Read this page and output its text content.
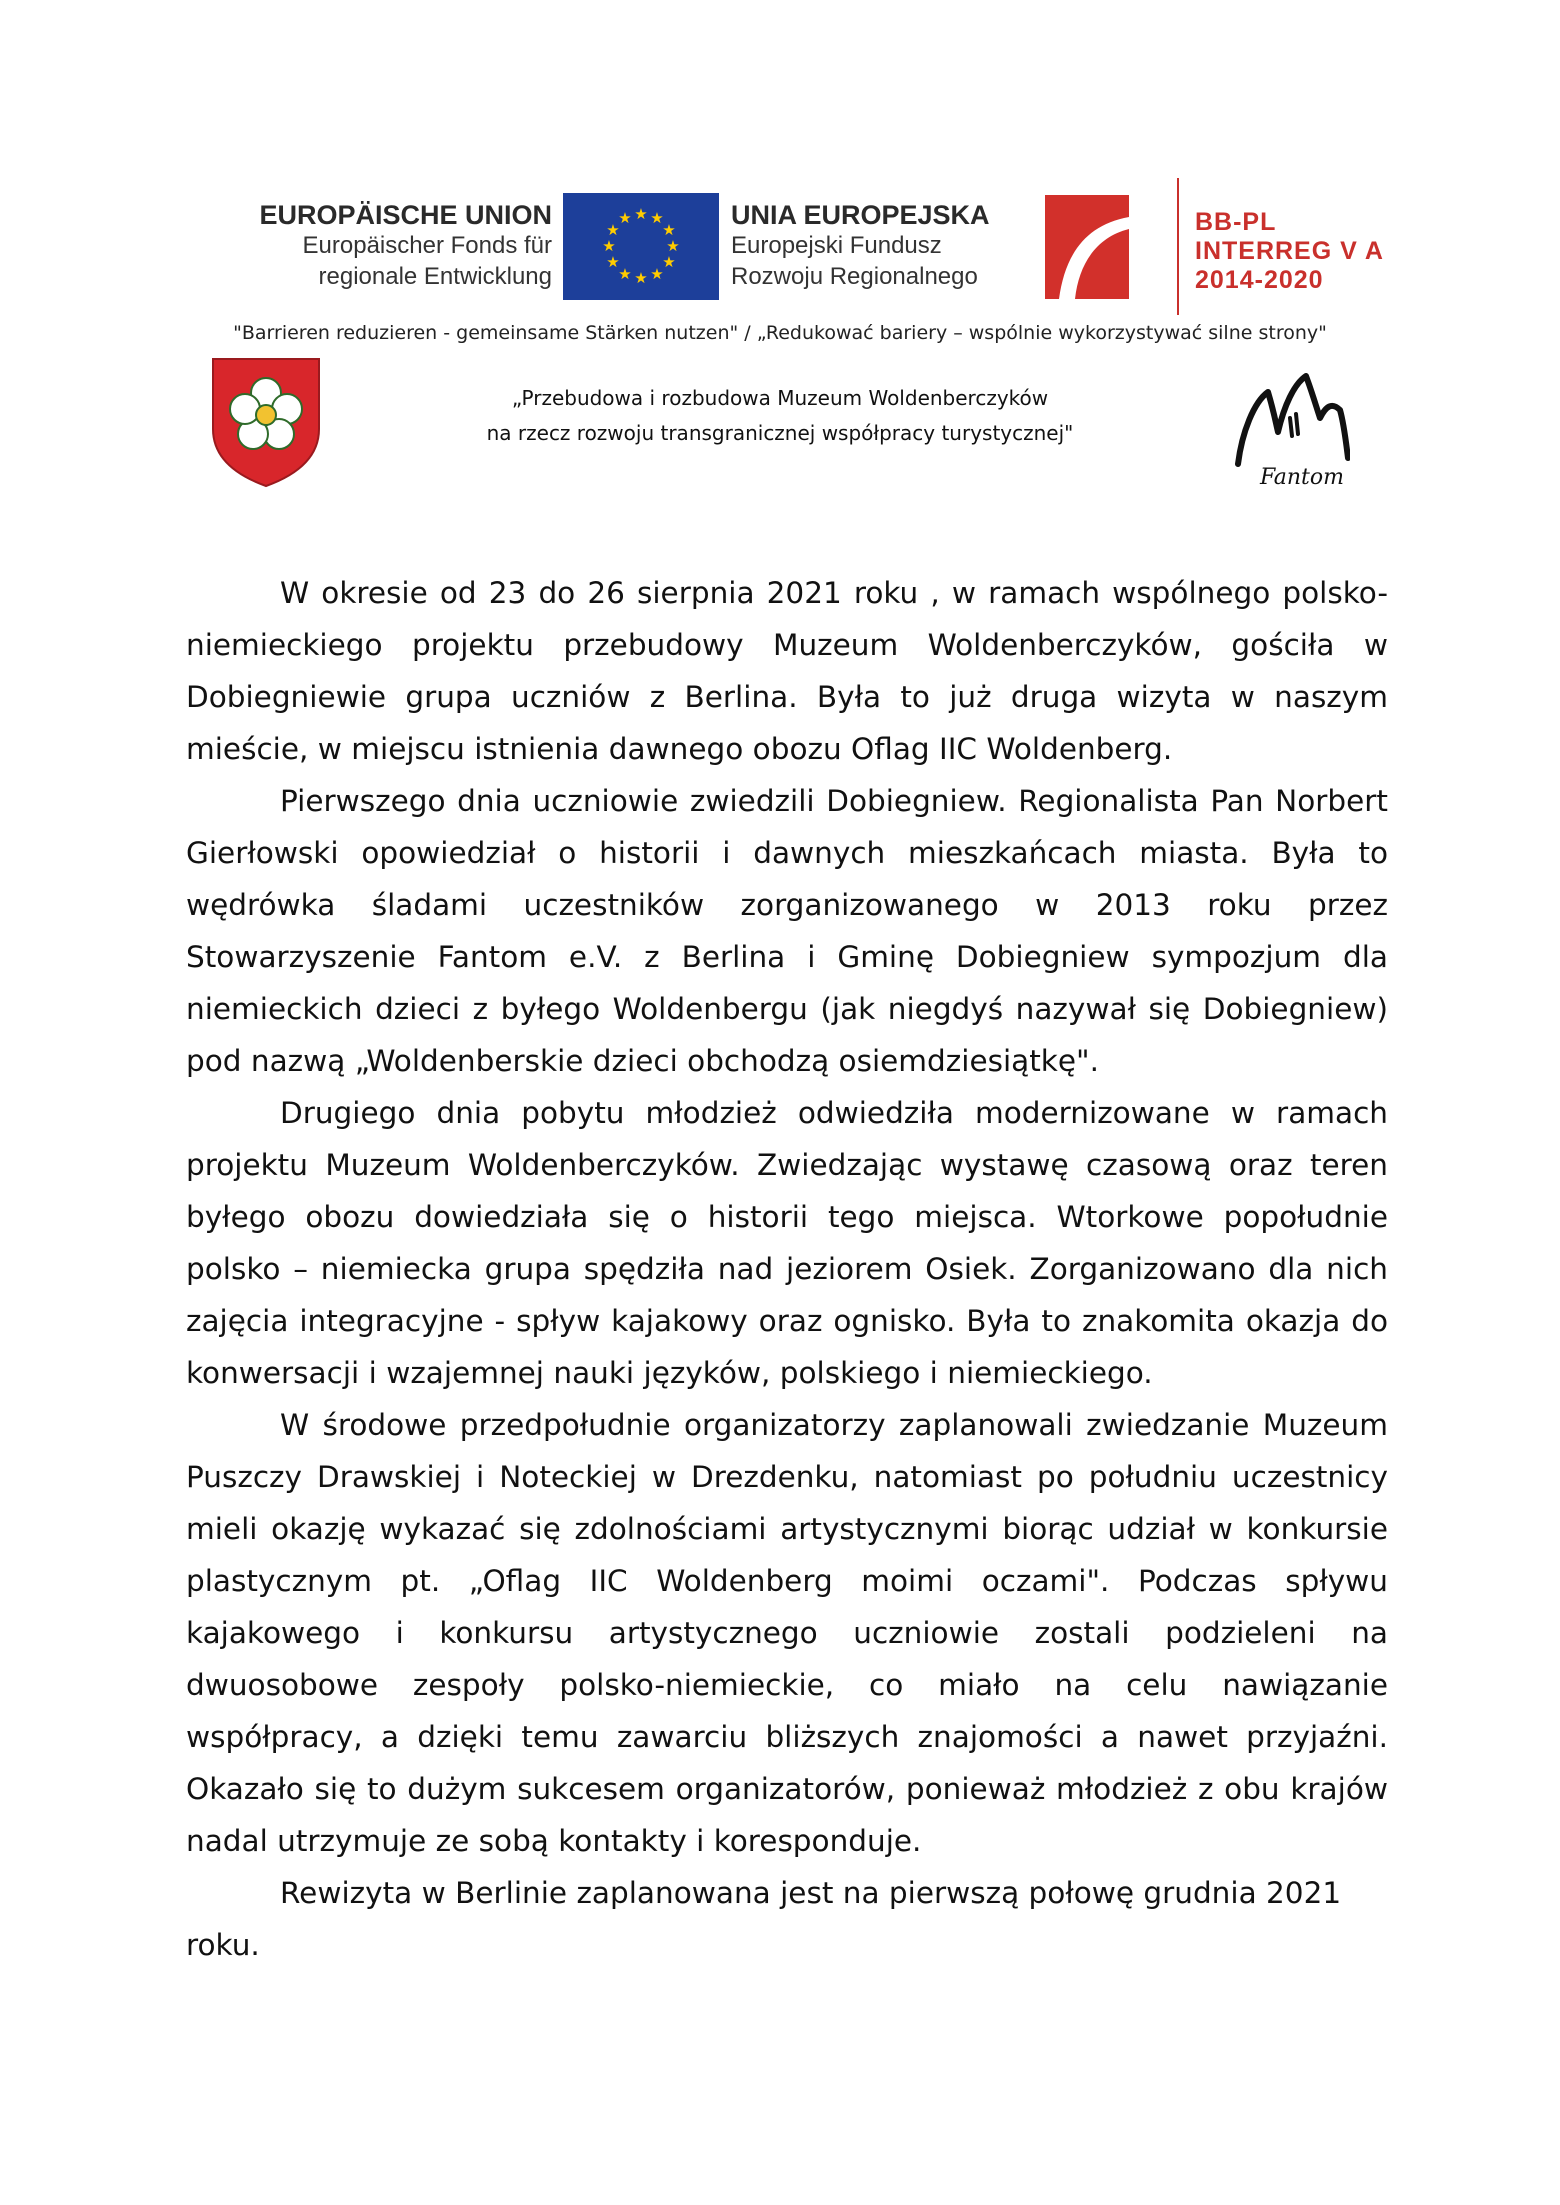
EUROPÄISCHE UNION
Europäischer Fonds für
regionale Entwicklung
★ ★
★
★
★
★
★
★
★
★
★
★	UNIA EUROPEJSKA
Europejski Fundusz
Rozwoju Regionalnego
BB-PL
INTERREG V A
2014-2020
"Barrieren reduzieren - gemeinsame Stärken nutzen" / „Redukować bariery – wspólnie wykorzystywać silne strony"
„Przebudowa i rozbudowa Muzeum Woldenberczyków
na rzecz rozwoju transgranicznej współpracy turystycznej"
Fantom

W okresie od 23 do 26 sierpnia 2021 roku , w ramach wspólnego polsko-niemieckiego projektu przebudowy Muzeum Woldenberczyków, gościła w Dobiegniewie grupa uczniów z Berlina. Była to już druga wizyta w naszym mieście, w miejscu istnienia dawnego obozu Oflag IIC Woldenberg.

Pierwszego dnia uczniowie zwiedzili Dobiegniew. Regionalista Pan Norbert Gierłowski opowiedział o historii i dawnych mieszkańcach miasta. Była to wędrówka śladami uczestników zorganizowanego w 2013 roku przez Stowarzyszenie Fantom e.V. z Berlina i Gminę Dobiegniew sympozjum dla niemieckich dzieci z byłego Woldenbergu (jak niegdyś nazywał się Dobiegniew) pod nazwą „Woldenberskie dzieci obchodzą osiemdziesiątkę".

Drugiego dnia pobytu młodzież odwiedziła modernizowane w ramach projektu Muzeum Woldenberczyków. Zwiedzając wystawę czasową oraz teren byłego obozu dowiedziała się o historii tego miejsca. Wtorkowe popołudnie polsko – niemiecka grupa spędziła nad jeziorem Osiek. Zorganizowano dla nich zajęcia integracyjne - spływ kajakowy oraz ognisko. Była to znakomita okazja do konwersacji i wzajemnej nauki języków, polskiego i niemieckiego.

W środowe przedpołudnie organizatorzy zaplanowali zwiedzanie Muzeum Puszczy Drawskiej i Noteckiej w Drezdenku, natomiast po południu uczestnicy mieli okazję wykazać się zdolnościami artystycznymi biorąc udział w konkursie plastycznym pt. „Oflag IIC Woldenberg moimi oczami". Podczas spływu kajakowego i konkursu artystycznego uczniowie zostali podzieleni na dwuosobowe zespoły polsko-niemieckie, co miało na celu nawiązanie współpracy, a dzięki temu zawarciu bliższych znajomości a nawet przyjaźni. Okazało się to dużym sukcesem organizatorów, ponieważ młodzież z obu krajów nadal utrzymuje ze sobą kontakty i koresponduje.

Rewizyta w Berlinie zaplanowana jest na pierwszą połowę grudnia 2021 roku.
